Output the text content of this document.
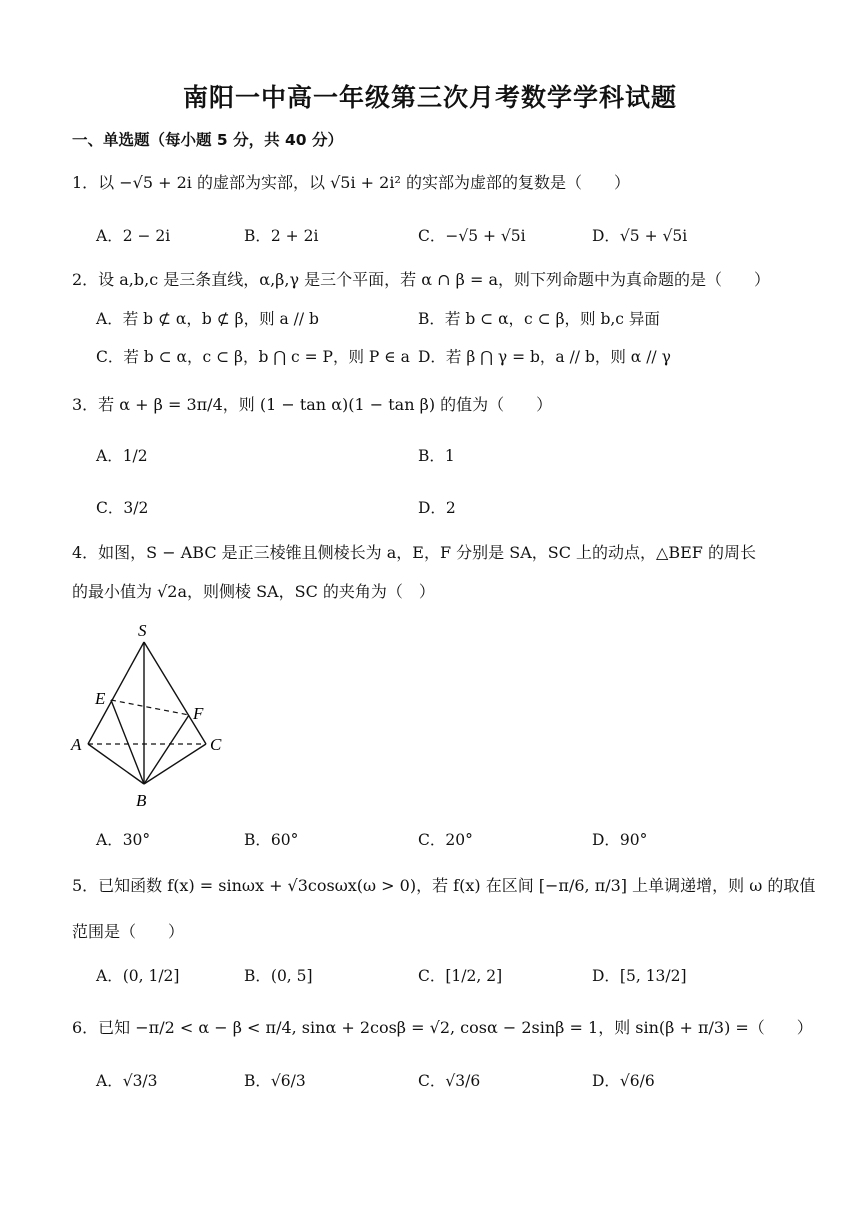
南阳一中高一年级第三次月考数学学科试题
一、单选题（每小题 5 分，共 40 分）
1．以 −√5 + 2i 的虚部为实部，以 √5i + 2i² 的实部为虚部的复数是（　　）
A．2 − 2i	B．2 + 2i	C．−√5 + √5i	D．√5 + √5i
2．设 a,b,c 是三条直线，α,β,γ 是三个平面，若 α ∩ β = a，则下列命题中为真命题的是（　　）
A．若 b ⊄ α，b ⊄ β，则 a // b	B．若 b ⊂ α，c ⊂ β，则 b,c 异面
C．若 b ⊂ α，c ⊂ β，b ⋂ c = P，则 P ∈ a D．若 β ⋂ γ = b，a // b，则 α // γ
3．若 α + β = 3π/4，则 (1 − tan α)(1 − tan β) 的值为（　　）
A．1/2	B．1
C．3/2	D．2
4．如图，S − ABC 是正三棱锥且侧棱长为 a，E，F 分别是 SA，SC 上的动点，△BEF 的周长
的最小值为 √2a，则侧棱 SA，SC 的夹角为（　）
S
E
F
A	C
B
A．30°	B．60°	C．20°	D．90°
5．已知函数 f(x) = sinωx + √3cosωx(ω > 0)，若 f(x) 在区间 [−π/6, π/3] 上单调递增，则 ω 的取值
范围是（　　）
A．(0, 1/2]	B．(0, 5]	C．[1/2, 2]	D．[5, 13/2]
6．已知 −π/2 < α − β < π/4, sinα + 2cosβ = √2, cosα − 2sinβ = 1，则 sin(β + π/3) =（　　）
A．√3/3	B．√6/3	C．√3/6	D．√6/6
